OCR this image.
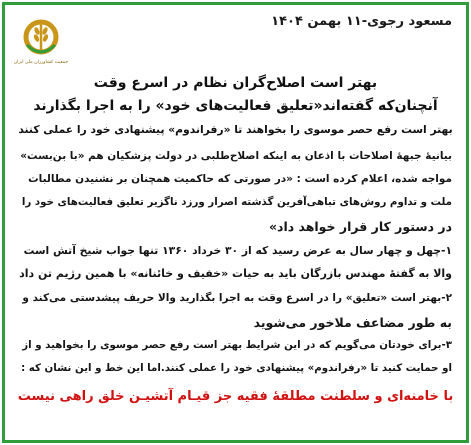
جمعیت کشاورزان ملی ایران
مسعود رجوی-۱۱ بهمن ۱۴۰۴
بهتر است اصلاح‌گران نظام در اسرع وقت
آنچنان‌که گفته‌اند«تعلیق فعالیت‌های خود» را به اجرا بگذارند
بهتر است رفع حصر موسوی را بخواهند تا «رفراندوم» پیشنهادی خود را عملی کنند
بیانیهٔ جبههٔ اصلاحات با اذعان به اینکه اصلاح‌طلبی در دولت پزشکیان هم «با بن‌بست»
مواجه شده، اعلام کرده است : «در صورتی که حاکمیت همچنان بر نشنیدن مطالبات
ملت و تداوم روش‌های تباهی‌آفرین گذشته اصرار ورزد ناگزیر تعلیق فعالیت‌های خود را
در دستور کار قرار خواهد داد»
۱-چهل و چهار سال به عرض رسید که از ۳۰ خرداد ۱۳۶۰ تنها جواب شیخ آتش است
والا به گفتهٔ مهندس بازرگان باید به حیات «خفیف و خائنانه» با همین رژیم تن داد
۲-بهتر است «تعلیق» را در اسرع وقت به اجرا بگذارید والا حریف پیشدستی می‌کند و
به طور مضاعف ملاخور می‌شوید
۳-برای خودتان می‌گویم که در این شرایط بهتر است رفع حصر موسوی را بخواهید و از
او حمایت کنید تا «رفراندوم» پیشنهادی خود را عملی کنند.اما این خط و این نشان که :
با خامنه‌ای و سلطنت مطلقهٔ فقیه جز قیـام آتشیـن خلق راهی نیست
